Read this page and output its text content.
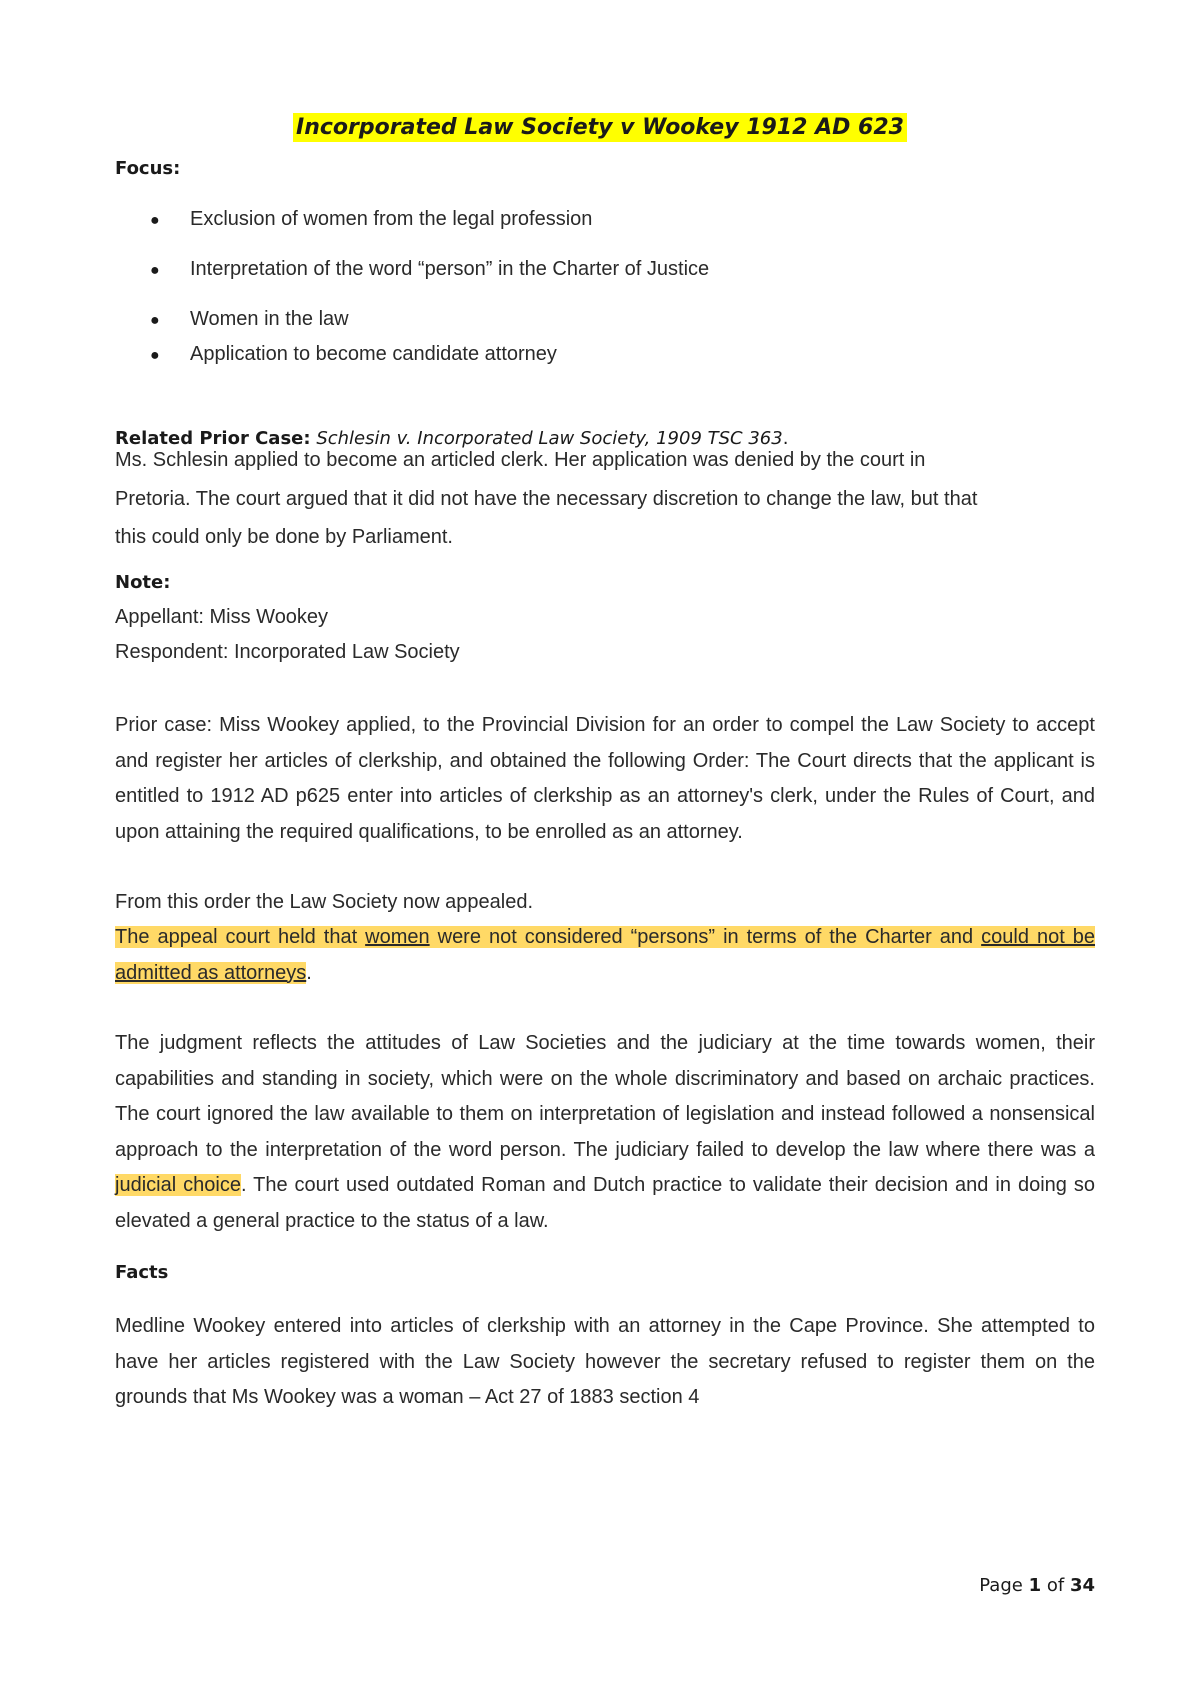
Incorporated Law Society v Wookey 1912 AD 623
Focus:
● Exclusion of women from the legal profession
● Interpretation of the word “person” in the Charter of Justice
● Women in the law
● Application to become candidate attorney
Related Prior Case: Schlesin v. Incorporated Law Society, 1909 TSC 363.
Ms. Schlesin applied to become an articled clerk. Her application was denied by the court in
Pretoria. The court argued that it did not have the necessary discretion to change the law, but that
this could only be done by Parliament.
Note:
Appellant: Miss Wookey
Respondent: Incorporated Law Society
Prior case: Miss Wookey applied, to the Provincial Division for an order to compel the Law Society to accept and register her articles of clerkship, and obtained the following Order: The Court directs that the applicant is entitled to 1912 AD p625 enter into articles of clerkship as an attorney's clerk, under the Rules of Court, and upon attaining the required qualifications, to be enrolled as an attorney.
From this order the Law Society now appealed.
The appeal court held that women were not considered “persons” in terms of the Charter and could not be admitted as attorneys.
The judgment reflects the attitudes of Law Societies and the judiciary at the time towards women, their capabilities and standing in society, which were on the whole discriminatory and based on archaic practices. The court ignored the law available to them on interpretation of legislation and instead followed a nonsensical approach to the interpretation of the word person. The judiciary failed to develop the law where there was a judicial choice. The court used outdated Roman and Dutch practice to validate their decision and in doing so elevated a general practice to the status of a law.
Facts
Medline Wookey entered into articles of clerkship with an attorney in the Cape Province. She attempted to have her articles registered with the Law Society however the secretary refused to register them on the grounds that Ms Wookey was a woman – Act 27 of 1883 section 4
Page 1 of 34
